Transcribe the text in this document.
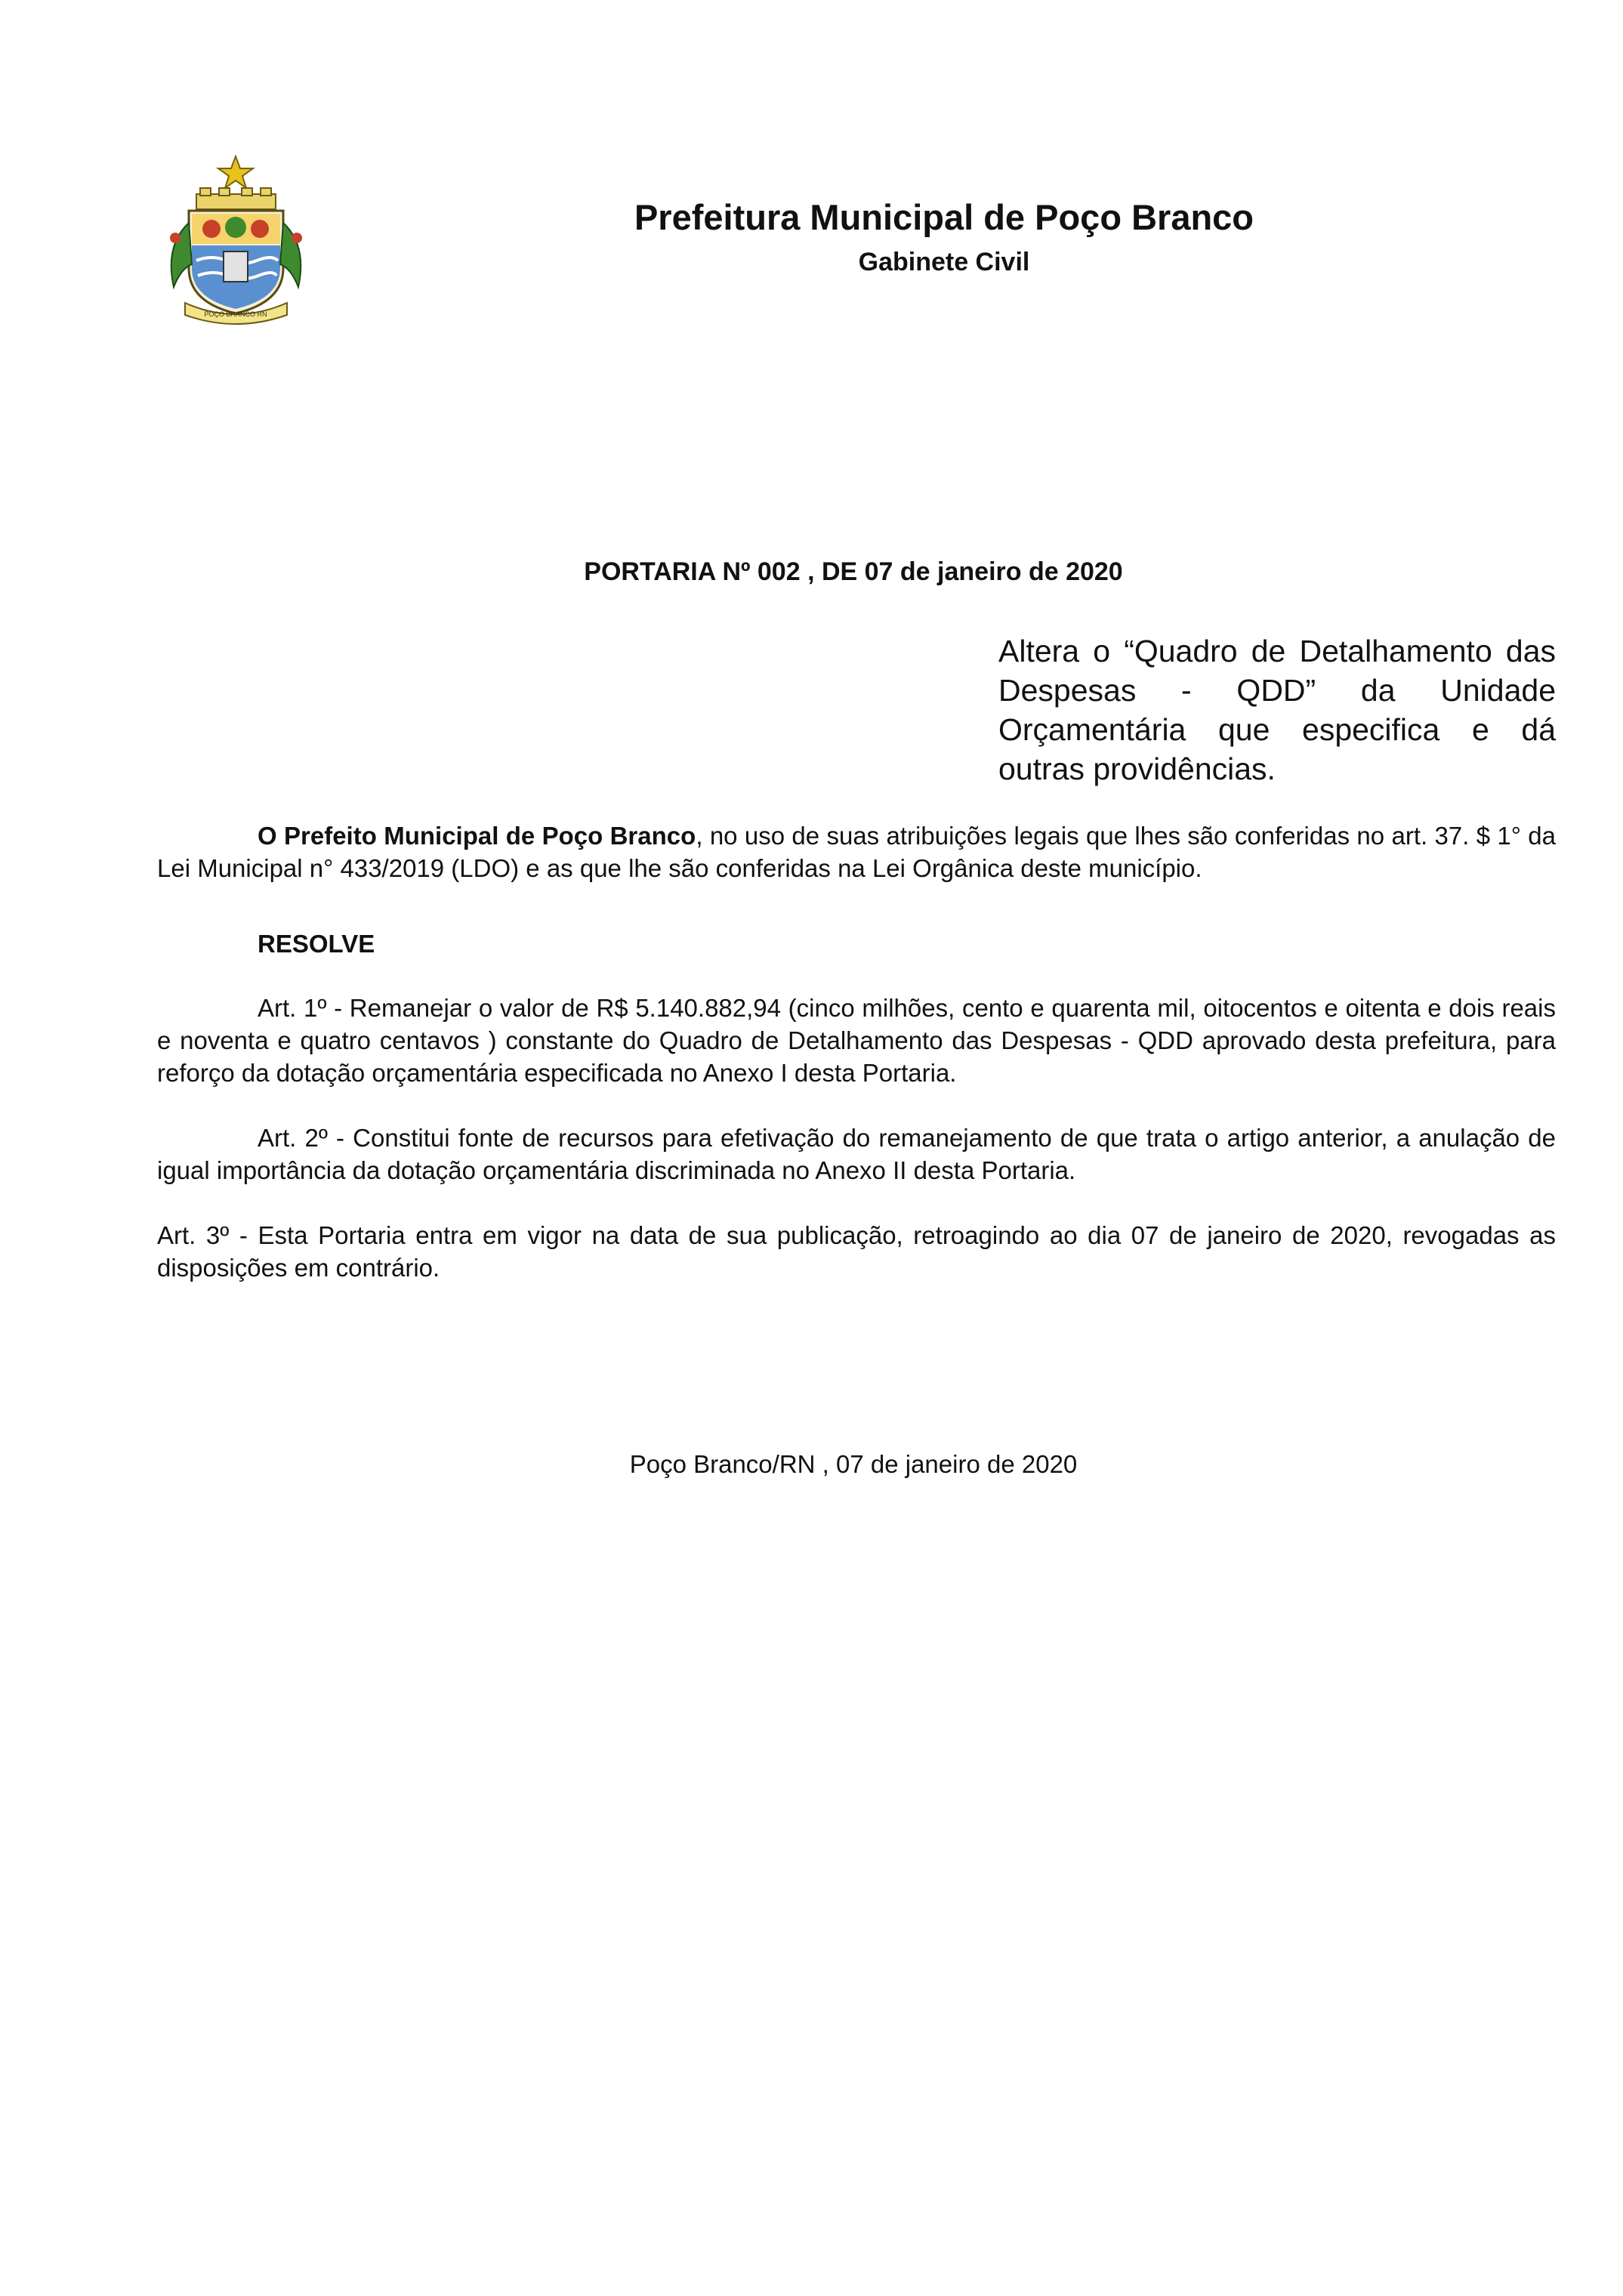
POÇO BRANCO RN
Prefeitura Municipal de Poço Branco
Gabinete Civil
PORTARIA Nº 002 , DE 07 de janeiro de 2020
Altera o “Quadro de Detalhamento das Despesas - QDD” da Unidade Orçamentária que especifica e dá outras providências.
O Prefeito Municipal de Poço Branco, no uso de suas atribuições legais que lhes são conferidas no art. 37. $ 1° da Lei Municipal n° 433/2019 (LDO) e as que lhe são conferidas na Lei Orgânica deste município.
RESOLVE
Art. 1º - Remanejar o valor de R$ 5.140.882,94 (cinco milhões, cento e quarenta mil, oitocentos e oitenta e dois reais e noventa e quatro centavos ) constante do Quadro de Detalhamento das Despesas - QDD aprovado desta prefeitura, para reforço da dotação orçamentária especificada no Anexo I desta Portaria.
Art. 2º - Constitui fonte de recursos para efetivação do remanejamento de que trata o artigo anterior, a anulação de igual importância da dotação orçamentária discriminada no Anexo II desta Portaria.
Art. 3º - Esta Portaria entra em vigor na data de sua publicação, retroagindo ao dia 07 de janeiro de 2020, revogadas as disposições em contrário.
Poço Branco/RN , 07 de janeiro de 2020
